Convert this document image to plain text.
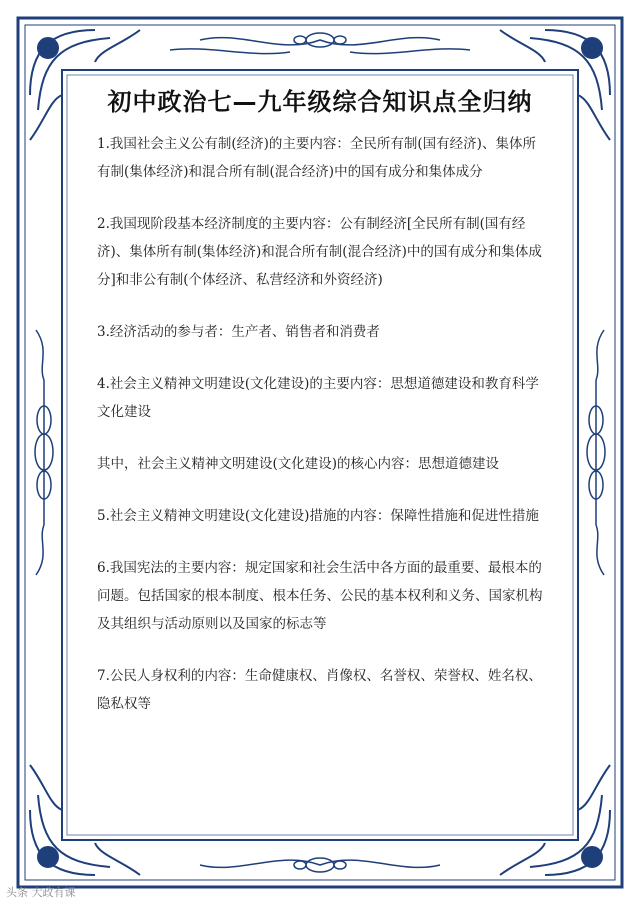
初中政治七—九年级综合知识点全归纳

1.我国社会主义公有制(经济)的主要内容：全民所有制(国有经济)、集体所有制(集体经济)和混合所有制(混合经济)中的国有成分和集体成分

2.我国现阶段基本经济制度的主要内容：公有制经济[全民所有制(国有经济)、集体所有制(集体经济)和混合所有制(混合经济)中的国有成分和集体成分]和非公有制(个体经济、私营经济和外资经济)

3.经济活动的参与者：生产者、销售者和消费者

4.社会主义精神文明建设(文化建设)的主要内容：思想道德建设和教育科学文化建设

其中，社会主义精神文明建设(文化建设)的核心内容：思想道德建设

5.社会主义精神文明建设(文化建设)措施的内容：保障性措施和促进性措施

6.我国宪法的主要内容：规定国家和社会生活中各方面的最重要、最根本的问题。包括国家的根本制度、根本任务、公民的基本权利和义务、国家机构及其组织与活动原则以及国家的标志等

7.公民人身权利的内容：生命健康权、肖像权、名誉权、荣誉权、姓名权、隐私权等

头条 大政有课
